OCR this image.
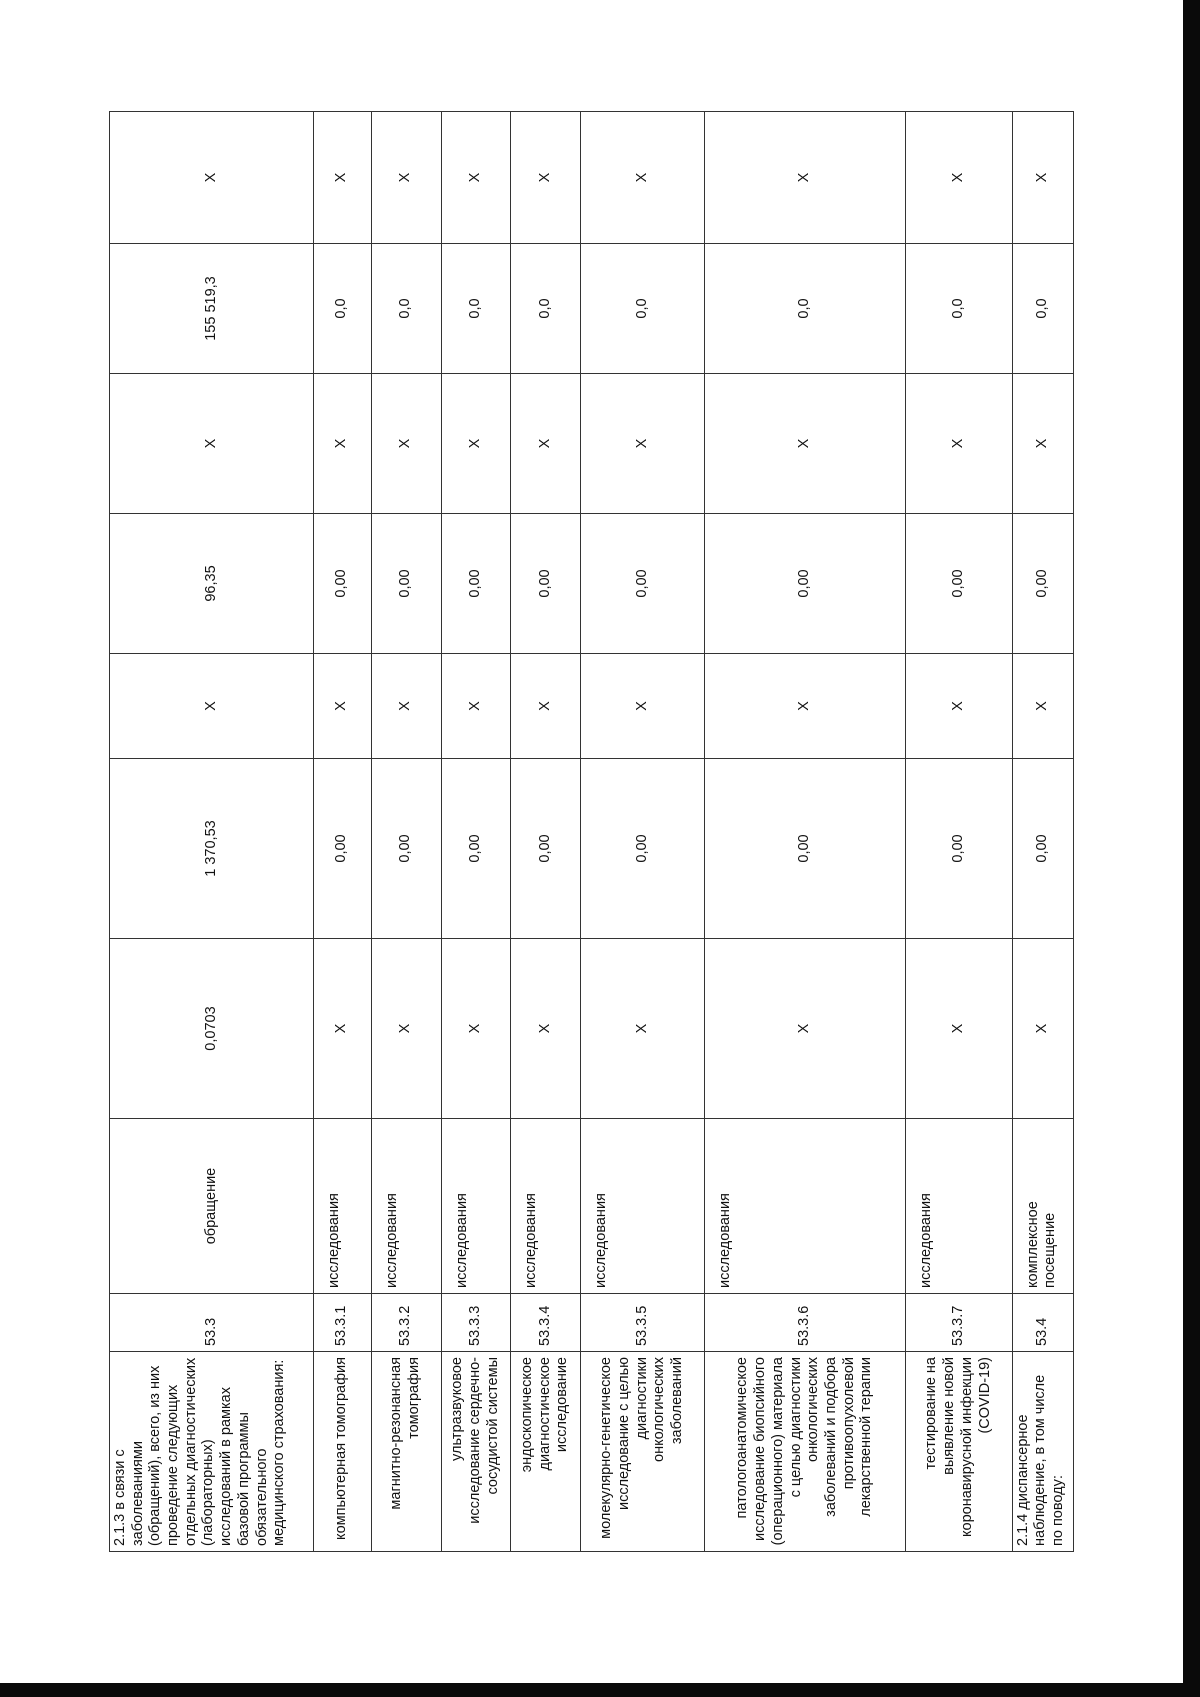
2.1.3 в связи с заболеваниями (обращений), всего, из них проведение следующих отдельных диагностических (лабораторных) исследований в рамках базовой программы обязательного медицинского страхования:	53.3	обращение	0,0703	1 370,53	X	96,35	X	155 519,3	X
компьютерная томография	53.3.1	исследования	X	0,00	X	0,00	X	0,0	X
магнитно-резонансная томография	53.3.2	исследования	X	0,00	X	0,00	X	0,0	X
ультразвуковое исследование сердечно-сосудистой системы	53.3.3	исследования	X	0,00	X	0,00	X	0,0	X
эндоскопическое диагностическое исследование	53.3.4	исследования	X	0,00	X	0,00	X	0,0	X
молекулярно-генетическое исследование с целью диагностики онкологических заболеваний	53.3.5	исследования	X	0,00	X	0,00	X	0,0	X
патологоанатомическое исследование биопсийного (операционного) материала с целью диагностики онкологических заболеваний и подбора противоопухолевой лекарственной терапии	53.3.6	исследования	X	0,00	X	0,00	X	0,0	X
тестирование на выявление новой коронавирусной инфекции (COVID-19)	53.3.7	исследования	X	0,00	X	0,00	X	0,0	X
2.1.4 диспансерное наблюдение, в том числе по поводу:	53.4	комплексное посещение	X	0,00	X	0,00	X	0,0	X
